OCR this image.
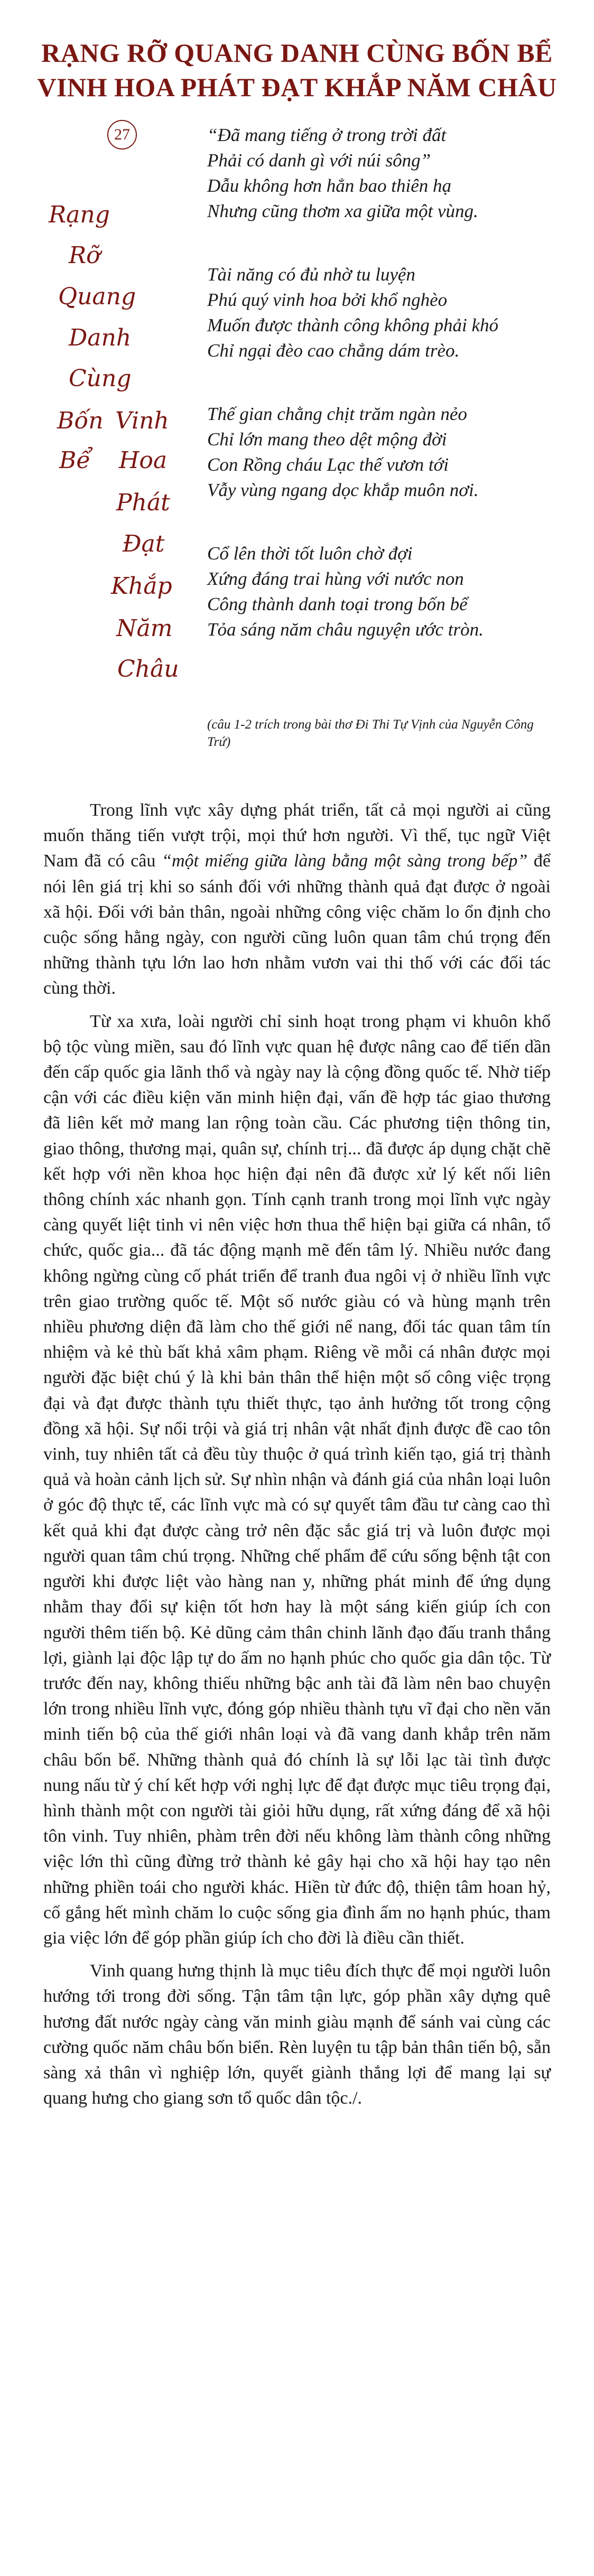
RẠNG RỠ QUANG DANH CÙNG BỐN BỂ
VINH HOA PHÁT ĐẠT KHẮP NĂM CHÂU
27
Rạng
Rỡ
Quang
Danh
Cùng
Bốn Vinh
Bể Hoa
Phát
Đạt
Khắp
Năm
Châu
“Đã mang tiếng ở trong trời đất
Phải có danh gì với núi sông”
Dẫu không hơn hẳn bao thiên hạ
Nhưng cũng thơm xa giữa một vùng.
Tài năng có đủ nhờ tu luyện
Phú quý vinh hoa bởi khổ nghèo
Muốn được thành công không phải khó
Chỉ ngại đèo cao chẳng dám trèo.
Thế gian chằng chịt trăm ngàn nẻo
Chỉ lớn mang theo dệt mộng đời
Con Rồng cháu Lạc thế vươn tới
Vẫy vùng ngang dọc khắp muôn nơi.
Cổ lên thời tốt luôn chờ đợi
Xứng đáng trai hùng với nước non
Công thành danh toại trong bốn bể
Tỏa sáng năm châu nguyện ước tròn.
(câu 1-2 trích trong bài thơ Đi Thi Tự Vịnh của Nguyễn Công Trứ)

Trong lĩnh vực xây dựng phát triển, tất cả mọi người ai cũng muốn thăng tiến vượt trội, mọi thứ hơn người. Vì thế, tục ngữ Việt Nam đã có câu “một miếng giữa làng bằng một sàng trong bếp” để nói lên giá trị khi so sánh đối với những thành quả đạt được ở ngoài xã hội. Đối với bản thân, ngoài những công việc chăm lo ổn định cho cuộc sống hằng ngày, con người cũng luôn quan tâm chú trọng đến những thành tựu lớn lao hơn nhằm vươn vai thi thố với các đối tác cùng thời.

Từ xa xưa, loài người chỉ sinh hoạt trong phạm vi khuôn khổ bộ tộc vùng miền, sau đó lĩnh vực quan hệ được nâng cao để tiến dần đến cấp quốc gia lãnh thổ và ngày nay là cộng đồng quốc tế. Nhờ tiếp cận với các điều kiện văn minh hiện đại, vấn đề hợp tác giao thương đã liên kết mở mang lan rộng toàn cầu. Các phương tiện thông tin, giao thông, thương mại, quân sự, chính trị... đã được áp dụng chặt chẽ kết hợp với nền khoa học hiện đại nên đã được xử lý kết nối liên thông chính xác nhanh gọn. Tính cạnh tranh trong mọi lĩnh vực ngày càng quyết liệt tinh vi nên việc hơn thua thể hiện bại giữa cá nhân, tổ chức, quốc gia... đã tác động mạnh mẽ đến tâm lý. Nhiều nước đang không ngừng cùng cố phát triển để tranh đua ngôi vị ở nhiều lĩnh vực trên giao trường quốc tế. Một số nước giàu có và hùng mạnh trên nhiều phương diện đã làm cho thế giới nể nang, đối tác quan tâm tín nhiệm và kẻ thù bất khả xâm phạm. Riêng về mỗi cá nhân được mọi người đặc biệt chú ý là khi bản thân thể hiện một số công việc trọng đại và đạt được thành tựu thiết thực, tạo ảnh hưởng tốt trong cộng đồng xã hội. Sự nổi trội và giá trị nhân vật nhất định được đề cao tôn vinh, tuy nhiên tất cả đều tùy thuộc ở quá trình kiến tạo, giá trị thành quả và hoàn cảnh lịch sử. Sự nhìn nhận và đánh giá của nhân loại luôn ở góc độ thực tế, các lĩnh vực mà có sự quyết tâm đầu tư càng cao thì kết quả khi đạt được càng trở nên đặc sắc giá trị và luôn được mọi người quan tâm chú trọng. Những chế phẩm để cứu sống bệnh tật con người khi được liệt vào hàng nan y, những phát minh để ứng dụng nhằm thay đổi sự kiện tốt hơn hay là một sáng kiến giúp ích con người thêm tiến bộ. Kẻ dũng cảm thân chinh lãnh đạo đấu tranh thắng lợi, giành lại độc lập tự do ấm no hạnh phúc cho quốc gia dân tộc. Từ trước đến nay, không thiếu những bậc anh tài đã làm nên bao chuyện lớn trong nhiều lĩnh vực, đóng góp nhiều thành tựu vĩ đại cho nền văn minh tiến bộ của thế giới nhân loại và đã vang danh khắp trên năm châu bốn bể. Những thành quả đó chính là sự lỗi lạc tài tình được nung nấu từ ý chí kết hợp với nghị lực để đạt được mục tiêu trọng đại, hình thành một con người tài giỏi hữu dụng, rất xứng đáng để xã hội tôn vinh. Tuy nhiên, phàm trên đời nếu không làm thành công những việc lớn thì cũng đừng trở thành kẻ gây hại cho xã hội hay tạo nên những phiền toái cho người khác. Hiền từ đức độ, thiện tâm hoan hỷ, cố gắng hết mình chăm lo cuộc sống gia đình ấm no hạnh phúc, tham gia việc lớn để góp phần giúp ích cho đời là điều cần thiết.

Vinh quang hưng thịnh là mục tiêu đích thực để mọi người luôn hướng tới trong đời sống. Tận tâm tận lực, góp phần xây dựng quê hương đất nước ngày càng văn minh giàu mạnh để sánh vai cùng các cường quốc năm châu bốn biển. Rèn luyện tu tập bản thân tiến bộ, sẵn sàng xả thân vì nghiệp lớn, quyết giành thắng lợi để mang lại sự quang hưng cho giang sơn tổ quốc dân tộc./.
